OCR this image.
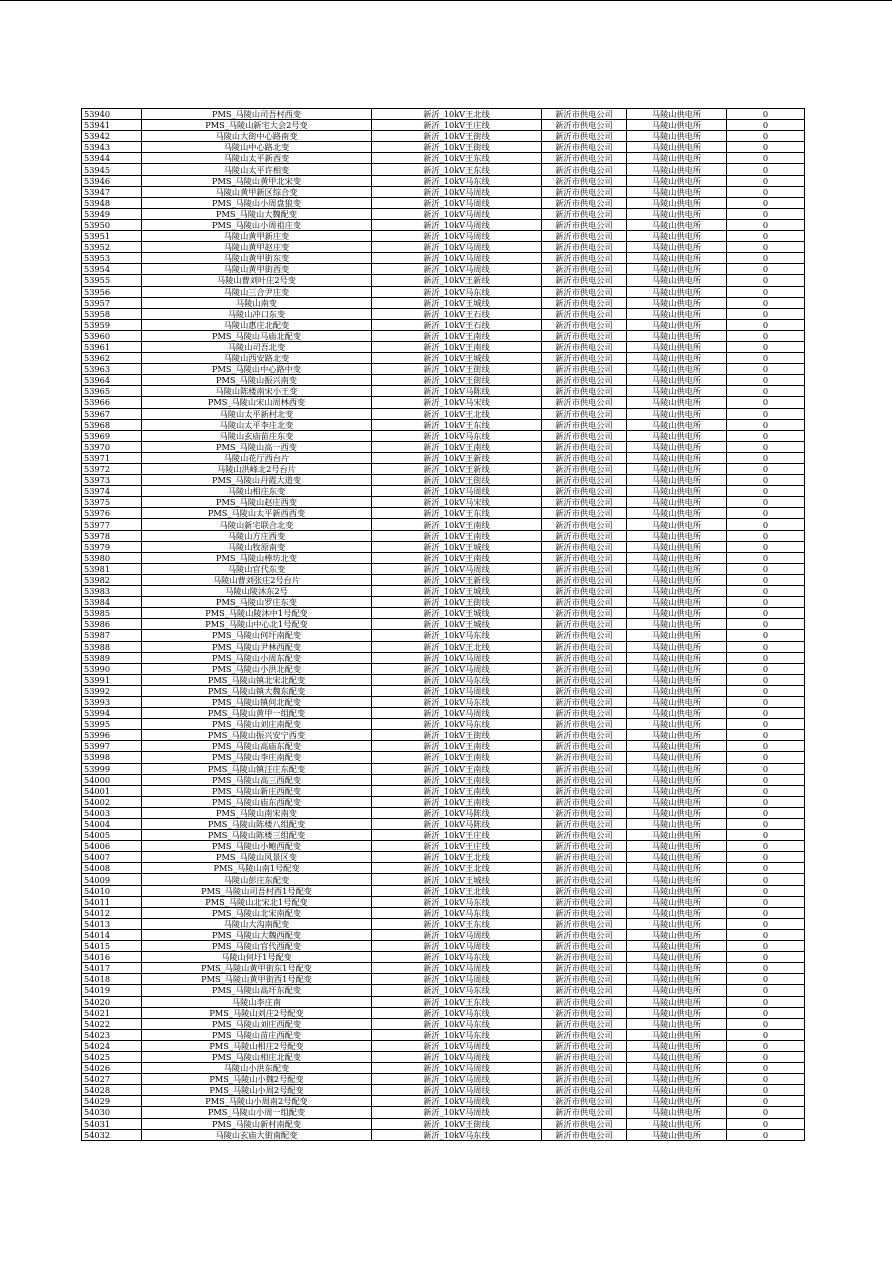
53940	PMS_马陵山司吾村西变	新沂_10kV王北线	新沂市供电公司	马陵山供电所	0
53941	PMS_马陵山新宅大会2号变	新沂_10kV王庄线	新沂市供电公司	马陵山供电所	0
53942	马陵山大街中心路南变	新沂_10kV王街线	新沂市供电公司	马陵山供电所	0
53943	马陵山中心路北变	新沂_10kV王街线	新沂市供电公司	马陵山供电所	0
53944	马陵山太平新西变	新沂_10kV王东线	新沂市供电公司	马陵山供电所	0
53945	马陵山太平许相变	新沂_10kV王东线	新沂市供电公司	马陵山供电所	0
53946	PMS_马陵山黄甲北宋变	新沂_10kV马东线	新沂市供电公司	马陵山供电所	0
53947	马陵山黄甲新区综合变	新沂_10kV马周线	新沂市供电公司	马陵山供电所	0
53948	PMS_马陵山小周盘狼变	新沂_10kV马周线	新沂市供电公司	马陵山供电所	0
53949	PMS_马陵山大魏配变	新沂_10kV马周线	新沂市供电公司	马陵山供电所	0
53950	PMS_马陵山小周祖庄变	新沂_10kV马周线	新沂市供电公司	马陵山供电所	0
53951	马陵山黄甲新庄变	新沂_10kV马周线	新沂市供电公司	马陵山供电所	0
53952	马陵山黄甲赵庄变	新沂_10kV马周线	新沂市供电公司	马陵山供电所	0
53953	马陵山黄甲街东变	新沂_10kV马周线	新沂市供电公司	马陵山供电所	0
53954	马陵山黄甲街西变	新沂_10kV马周线	新沂市供电公司	马陵山供电所	0
53955	马陵山曹刘叶庄2号变	新沂_10kV王新线	新沂市供电公司	马陵山供电所	0
53956	马陵山三合尹庄变	新沂_10kV马东线	新沂市供电公司	马陵山供电所	0
53957	马陵山南变	新沂_10kV王城线	新沂市供电公司	马陵山供电所	0
53958	马陵山冲口东变	新沂_10kV王石线	新沂市供电公司	马陵山供电所	0
53959	马陵山惠庄北配变	新沂_10kV王石线	新沂市供电公司	马陵山供电所	0
53960	PMS_马陵山马庙北配变	新沂_10kV王南线	新沂市供电公司	马陵山供电所	0
53961	马陵山司吾北变	新沂_10kV王南线	新沂市供电公司	马陵山供电所	0
53962	马陵山西安路北变	新沂_10kV王城线	新沂市供电公司	马陵山供电所	0
53963	PMS_马陵山中心路中变	新沂_10kV王街线	新沂市供电公司	马陵山供电所	0
53964	PMS_马陵山振兴南变	新沂_10kV王街线	新沂市供电公司	马陵山供电所	0
53965	马陵山陈楼南宋小王变	新沂_10kV马陈线	新沂市供电公司	马陵山供电所	0
53966	PMS_马陵山宋山周林西变	新沂_10kV马宋线	新沂市供电公司	马陵山供电所	0
53967	马陵山太平新村北变	新沂_10kV王北线	新沂市供电公司	马陵山供电所	0
53968	马陵山太平李庄北变	新沂_10kV王东线	新沂市供电公司	马陵山供电所	0
53969	马陵山玄庙苗庄东变	新沂_10kV马东线	新沂市供电公司	马陵山供电所	0
53970	PMS_马陵山高一西变	新沂_10kV王南线	新沂市供电公司	马陵山供电所	0
53971	马陵山花厅西台片	新沂_10kV王新线	新沂市供电公司	马陵山供电所	0
53972	马陵山洪峰北2号台片	新沂_10kV王新线	新沂市供电公司	马陵山供电所	0
53973	PMS_马陵山丹霞大道变	新沂_10kV王街线	新沂市供电公司	马陵山供电所	0
53974	马陵山相庄东变	新沂_10kV马周线	新沂市供电公司	马陵山供电所	0
53975	PMS_马陵山赵庄西变	新沂_10kV马宋线	新沂市供电公司	马陵山供电所	0
53976	PMS_马陵山太平新西西变	新沂_10kV王东线	新沂市供电公司	马陵山供电所	0
53977	马陵山新宅联合北变	新沂_10kV王南线	新沂市供电公司	马陵山供电所	0
53978	马陵山方庄西变	新沂_10kV王南线	新沂市供电公司	马陵山供电所	0
53979	马陵山牧原南变	新沂_10kV王城线	新沂市供电公司	马陵山供电所	0
53980	PMS_马陵山棒坊北变	新沂_10kV王南线	新沂市供电公司	马陵山供电所	0
53981	马陵山官代东变	新沂_10kV马周线	新沂市供电公司	马陵山供电所	0
53982	马陵山曹刘张庄2号台片	新沂_10kV王新线	新沂市供电公司	马陵山供电所	0
53983	马陵山陵沐东2号	新沂_10kV王城线	新沂市供电公司	马陵山供电所	0
53984	PMS_马陵山罗庄东变	新沂_10kV王街线	新沂市供电公司	马陵山供电所	0
53985	PMS_马陵山陵沐中1号配变	新沂_10kV王城线	新沂市供电公司	马陵山供电所	0
53986	PMS_马陵山中心北1号配变	新沂_10kV王城线	新沂市供电公司	马陵山供电所	0
53987	PMS_马陵山何圩南配变	新沂_10kV马东线	新沂市供电公司	马陵山供电所	0
53988	PMS_马陵山尹林西配变	新沂_10kV王北线	新沂市供电公司	马陵山供电所	0
53989	PMS_马陵山小周东配变	新沂_10kV马周线	新沂市供电公司	马陵山供电所	0
53990	PMS_马陵山小洪北配变	新沂_10kV马周线	新沂市供电公司	马陵山供电所	0
53991	PMS_马陵山镇北宋北配变	新沂_10kV马东线	新沂市供电公司	马陵山供电所	0
53992	PMS_马陵山镇大魏东配变	新沂_10kV马周线	新沂市供电公司	马陵山供电所	0
53993	PMS_马陵山镇何北配变	新沂_10kV马东线	新沂市供电公司	马陵山供电所	0
53994	PMS_马陵山黄甲一组配变	新沂_10kV马周线	新沂市供电公司	马陵山供电所	0
53995	PMS_马陵山刘庄南配变	新沂_10kV马东线	新沂市供电公司	马陵山供电所	0
53996	PMS_马陵山振兴安宁西变	新沂_10kV王街线	新沂市供电公司	马陵山供电所	0
53997	PMS_马陵山高庙东配变	新沂_10kV王南线	新沂市供电公司	马陵山供电所	0
53998	PMS_马陵山李庄南配变	新沂_10kV王南线	新沂市供电公司	马陵山供电所	0
53999	PMS_马陵山镇汪庄东配变	新沂_10kV王南线	新沂市供电公司	马陵山供电所	0
54000	PMS_马陵山高三西配变	新沂_10kV王南线	新沂市供电公司	马陵山供电所	0
54001	PMS_马陵山新庄西配变	新沂_10kV王南线	新沂市供电公司	马陵山供电所	0
54002	PMS_马陵山庙东西配变	新沂_10kV王南线	新沂市供电公司	马陵山供电所	0
54003	PMS_马陵山南宋南变	新沂_10kV马陈线	新沂市供电公司	马陵山供电所	0
54004	PMS_马陵山陈楼八组配变	新沂_10kV马陈线	新沂市供电公司	马陵山供电所	0
54005	PMS_马陵山陈楼三组配变	新沂_10kV王庄线	新沂市供电公司	马陵山供电所	0
54006	PMS_马陵山小鲍西配变	新沂_10kV王庄线	新沂市供电公司	马陵山供电所	0
54007	PMS_马陵山风景区变	新沂_10kV王北线	新沂市供电公司	马陵山供电所	0
54008	PMS_马陵山南1号配变	新沂_10kV王北线	新沂市供电公司	马陵山供电所	0
54009	马陵山彭庄东配变	新沂_10kV王城线	新沂市供电公司	马陵山供电所	0
54010	PMS_马陵山司吾村西1号配变	新沂_10kV王北线	新沂市供电公司	马陵山供电所	0
54011	PMS_马陵山北宋北1号配变	新沂_10kV马东线	新沂市供电公司	马陵山供电所	0
54012	PMS_马陵山北宋南配变	新沂_10kV马东线	新沂市供电公司	马陵山供电所	0
54013	马陵山大沟南配变	新沂_10kV王东线	新沂市供电公司	马陵山供电所	0
54014	PMS_马陵山大魏西配变	新沂_10kV马周线	新沂市供电公司	马陵山供电所	0
54015	PMS_马陵山官代西配变	新沂_10kV马周线	新沂市供电公司	马陵山供电所	0
54016	马陵山何圩1号配变	新沂_10kV马东线	新沂市供电公司	马陵山供电所	0
54017	PMS_马陵山黄甲街东1号配变	新沂_10kV马周线	新沂市供电公司	马陵山供电所	0
54018	PMS_马陵山黄甲街西1号配变	新沂_10kV马周线	新沂市供电公司	马陵山供电所	0
54019	PMS_马陵山高圩东配变	新沂_10kV马东线	新沂市供电公司	马陵山供电所	0
54020	马陵山李庄南	新沂_10kV王东线	新沂市供电公司	马陵山供电所	0
54021	PMS_马陵山刘庄2号配变	新沂_10kV马东线	新沂市供电公司	马陵山供电所	0
54022	PMS_马陵山刘庄西配变	新沂_10kV马东线	新沂市供电公司	马陵山供电所	0
54023	PMS_马陵山苗庄西配变	新沂_10kV马东线	新沂市供电公司	马陵山供电所	0
54024	PMS_马陵山相庄2号配变	新沂_10kV马周线	新沂市供电公司	马陵山供电所	0
54025	PMS_马陵山相庄北配变	新沂_10kV马周线	新沂市供电公司	马陵山供电所	0
54026	马陵山小洪东配变	新沂_10kV马周线	新沂市供电公司	马陵山供电所	0
54027	PMS_马陵山小魏2号配变	新沂_10kV马周线	新沂市供电公司	马陵山供电所	0
54028	PMS_马陵山小周2号配变	新沂_10kV马周线	新沂市供电公司	马陵山供电所	0
54029	PMS_马陵山小周南2号配变	新沂_10kV马周线	新沂市供电公司	马陵山供电所	0
54030	PMS_马陵山小周一组配变	新沂_10kV马周线	新沂市供电公司	马陵山供电所	0
54031	PMS_马陵山新村南配变	新沂_10kV王街线	新沂市供电公司	马陵山供电所	0
54032	马陵山玄庙大街南配变	新沂_10kV马东线	新沂市供电公司	马陵山供电所	0
